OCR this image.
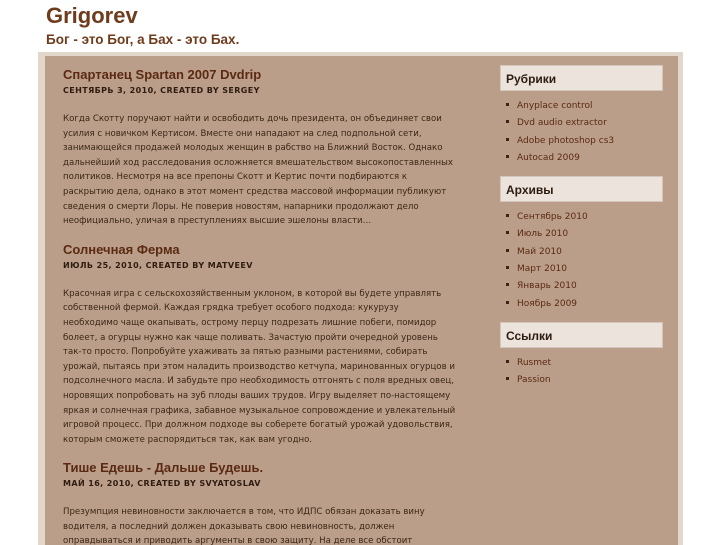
Grigorev
Бог - это Бог, а Бах - это Бах.
Спартанец Spartan 2007 Dvdrip
СЕНТЯБРЬ 3, 2010, CREATED BY SERGEY
Когда Скотту поручают найти и освободить дочь президента, он объединяет свои усилия с новичком Кертисом. Вместе они нападают на след подпольной сети, занимающейся продажей молодых женщин в рабство на Ближний Восток. Однако дальнейший ход расследования осложняется вмешательством высокопоставленных политиков. Несмотря на все препоны Скотт и Кертис почти подбираются к раскрытию дела, однако в этот момент средства массовой информации публикуют сведения о смерти Лоры. Не поверив новостям, напарники продолжают дело неофициально, уличая в преступлениях высшие эшелоны власти…
Солнечная Ферма
ИЮЛЬ 25, 2010, CREATED BY MATVEEV
Красочная игра с сельскохозяйственным уклоном, в которой вы будете управлять собственной фермой. Каждая грядка требует особого подхода: кукурузу необходимо чаще окапывать, острому перцу подрезать лишние побеги, помидор болеет, а огурцы нужно как чаще поливать. Зачастую пройти очередной уровень так-то просто. Попробуйте ухаживать за пятью разными растениями, собирать урожай, пытаясь при этом наладить производство кетчупа, маринованных огурцов и подсолнечного масла. И забудьте про необходимость отгонять с поля вредных овец, норовящих попробовать на зуб плоды ваших трудов. Игру выделяет по-настоящему яркая и солнечная графика, забавное музыкальное сопровождение и увлекательный игровой процесс. При должном подходе вы соберете богатый урожай удовольствия, которым сможете распорядиться так, как вам угодно.
Тише Едешь - Дальше Будешь.
МАЙ 16, 2010, CREATED BY SVYATOSLAV
Презумпция невиновности заключается в том, что ИДПС обязан доказать вину водителя, а последний должен доказывать свою невиновность, должен оправдываться и приводить аргументы в свою защиту. На деле все обстоит
Рубрики
Anyplace control
Dvd audio extractor
Adobe photoshop cs3
Autocad 2009
Архивы
Сентябрь 2010
Июль 2010
Май 2010
Март 2010
Январь 2010
Ноябрь 2009
Ссылки
Rusmet
Passion
